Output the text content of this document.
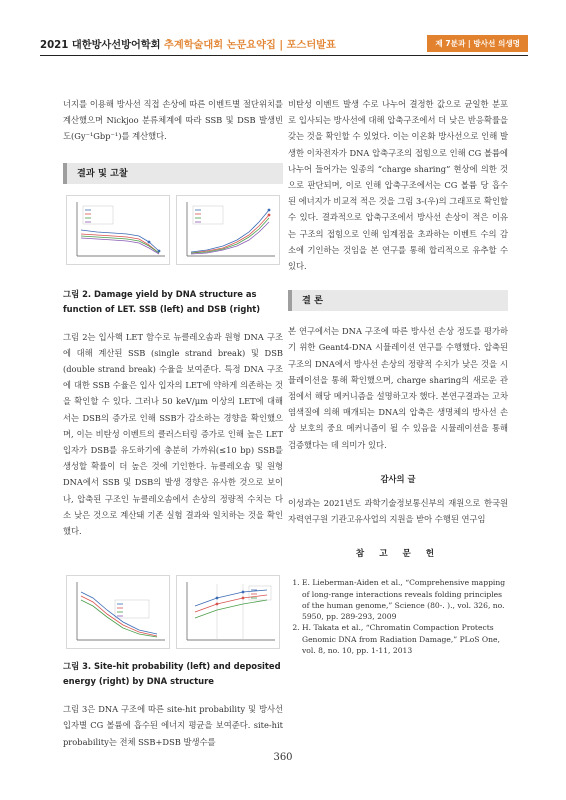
2021 대한방사선방어학회 추계학술대회 논문요약집 | 포스터발표	제 7분과 | 방사선 의생명

너지를 이용해 방사선 직접 손상에 따른 이벤트별 절단위치를 계산했으며 Nickjoo 분류체계에 따라 SSB 및 DSB 발생빈도(Gy⁻¹Gbp⁻¹)를 계산했다.

결과 및 고찰
그림 2. Damage yield by DNA structure as function of LET. SSB (left) and DSB (right)

그림 2는 입사핵 LET 함수로 뉴클레오솜과 원형 DNA 구조에 대해 계산된 SSB (single strand break) 및 DSB (double strand break) 수율을 보여준다. 특정 DNA 구조에 대한 SSB 수율은 입사 입자의 LET에 약하게 의존하는 것을 확인할 수 있다. 그러나 50 keV/μm 이상의 LET에 대해서는 DSB의 증가로 인해 SSB가 감소하는 경향을 확인했으며, 이는 비탄성 이벤트의 클러스터링 증가로 인해 높은 LET 입자가 DSB를 유도하기에 충분히 가까워(≤10 bp) SSB를 생성할 확률이 더 높은 것에 기인한다. 뉴클레오솜 및 원형 DNA에서 SSB 및 DSB의 발생 경향은 유사한 것으로 보이나, 압축된 구조인 뉴클레오솜에서 손상의 정량적 수치는 다소 낮은 것으로 계산돼 기존 실험 결과와 일치하는 것을 확인했다.

그림 3. Site-hit probability (left) and deposited energy (right) by DNA structure

그림 3은 DNA 구조에 따른 site-hit probability 및 방사선 입자별 CG 볼륨에 흡수된 에너지 평균을 보여준다. site-hit probability는 전체 SSB+DSB 발생수를

비탄성 이벤트 발생 수로 나누어 결정한 값으로 균일한 분포로 입사되는 방사선에 대해 압축구조에서 더 낮은 반응확률을 갖는 것을 확인할 수 있었다. 이는 이온화 방사선으로 인해 발생한 이차전자가 DNA 압축구조의 접힘으로 인해 CG 볼륨에 나누어 들어가는 일종의 “charge sharing” 현상에 의한 것으로 판단되며, 이로 인해 압축구조에서는 CG 볼륨 당 흡수된 에너지가 비교적 적은 것을 그림 3-(우)의 그래프로 확인할 수 있다. 결과적으로 압축구조에서 방사선 손상이 적은 이유는 구조의 접힘으로 인해 임계점을 초과하는 이벤트 수의 감소에 기인하는 것임을 본 연구를 통해 합리적으로 유추할 수 있다.

결 론

본 연구에서는 DNA 구조에 따른 방사선 손상 정도를 평가하기 위한 Geant4-DNA 시뮬레이션 연구를 수행했다. 압축된 구조의 DNA에서 방사선 손상의 정량적 수치가 낮은 것을 시뮬레이션을 통해 확인했으며, charge sharing의 새로운 관점에서 해당 메커니즘을 설명하고자 했다. 본연구결과는 고차 염색질에 의해 매개되는 DNA의 압축은 생명체의 방사선 손상 보호의 중요 메커니즘이 될 수 있음을 시뮬레이션을 통해 검증했다는 데 의미가 있다.

감사의 글

이성과는 2021년도 과학기술정보통신부의 재원으로 한국원자력연구원 기관고유사업의 지원을 받아 수행된 연구임

참 고 문 헌
1. E. Lieberman-Aiden et al., “Comprehensive mapping of long-range interactions reveals folding principles of the human genome,” Science (80-. )., vol. 326, no. 5950, pp. 289-293, 2009
2. H. Takata et al., “Chromatin Compaction Protects Genomic DNA from Radiation Damage,” PLoS One, vol. 8, no. 10, pp. 1-11, 2013
360
